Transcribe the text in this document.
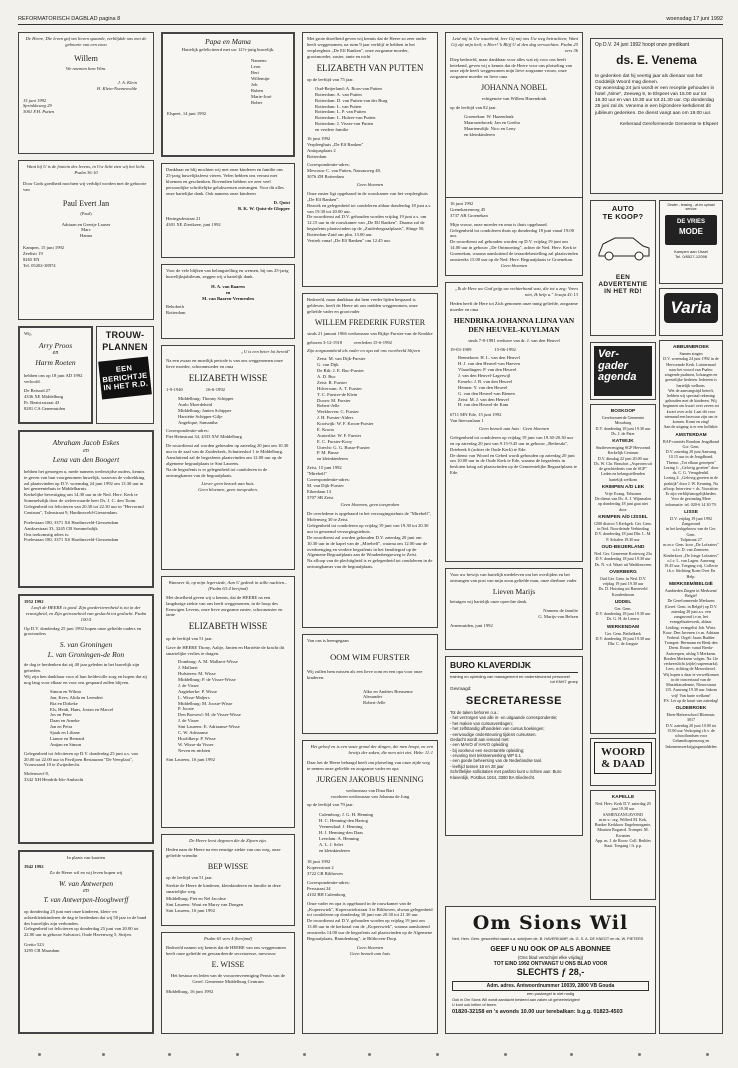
REFORMATORISCH DAGBLAD pagina 8	woensdag 17 juni 1992
De Heere, Die leven gaf om lieven spaarde, verblijdde ons met de geboorte van een zoon
Willem
We noemen hem Wim.
J. A. Klein
H. Klein-Nonnewolde
15 juni 1992
Sprinklaweg 29
3061 F.H. Putten
Want bij U is de fontein des levens, in Uw licht zien wij het licht. Psalm 36:10
Door Gods goedheid mochten wij verblijd worden met de geboorte van
Paul Evert Jan
(Paul)
Adriaan en Geertje Lauser
Marc
Hanna
Kampen, 15 juni 1992
Zeeltstr 19
8265 EN
Tel. 05202-38974
Wij,
Arry Proos
en
Harm Roeten
hebben ons op 18 juni AD 1992 verloofd.
De Beisard 27
4336 XE Middelburg
Pr. Beatrixstraat 43
8281 CA Genemuiden
TROUW-
PLANNEN
EEN
BERICHTJE
IN HET R.D.
Abraham Jacob Eskes
en
Lena van den Boogert
hebben het genoegen u, mede namens wederzijdse ouders, kennis te geven van hun voorgenomen huwelijk, waarvan de voltrekking zal plaatsvinden op D.V. woensdag 24 juni 1992 om 13.30 uur in het gemeentehuis te Middelharnis.
Kerkelijke bevestiging om 14.30 uur in de Ned. Herv. Kerk te Sommelsdijk door de weleerwaarde heer Ds. J. C. den Toom.
Gelegenheid tot feliciteren van 20.30 tot 22.30 uur in "Hervormd Centrum", Taleastraat 9, Hardinxveld-Giessendam.
Poelestaan 180, 3371 XS Hardinxveld-Giessendam
Aanksestraat 33, 3245 CB Sommelsdijk
Ons toekomstig adres is:
Poelestaan 180, 3371 XS Hardinxveld-Giessendam
1952 1992
Looft de HEERE is goed. Zijn goedertierenheid is tot in der eeuwigheid, en Zijn getrouwheid van geslacht tot geslacht. Psalm 100:5
Op D.V. donderdag 25 juni 1992 hopen onze geliefde ouders en grootouders
S. van Groningen
L. van Groningen-de Ron
de dag te herdenken dat zij 40 jaar geleden in het huwelijk zijn getreden.
Wij zijn hen dankbaar voor al hun liefdevolle zorg en hopen dat zij nog lang voor elkaar en voor ons gespaard zullen blijven.
Simon en Wilma
Jan, Kees, Alida en Leendert
Ria en Dirkeke
Els, Heidi, Hans, Jorian en Marcel
Jos en Peter
Daan en Arneke
Jan en Petra
Sjaak en Liliane
Lianne en Bernard
Antjan en Simon
Gelegenheid tot feliciteren op D.V. donderdag 25 juni a.s. van 20.00 tot 22.00 uur in Paviljoen Restaurant "De Veerplaat", Vrouwzand 10 te Zwijndrecht.
Molenwerf 8,
3342 XH Hendrik-Ido-Ambacht
In plaats van kaarten
1942 1992
Zo de Heere wil en wij leven hopen wij
W. van Antwerpen
en
T. van Antwerpen-Hooghwerff
op donderdag 25 juni met onze kinderen, klein- en achterkleinkinderen de dag te herdenken dat wij 50 jaar in de band des huwelijks zijn verbonden.
Gelegenheid tot feliciteren op donderdag 25 juni van 20.00 tot 22.00 uur in gebouw Salvatori, Oude Havenweg 5, Strijen.
Gretto 523
3295 CB Maasdam
Papa en Mama
Hartelijk gefeliciteerd met uw 12½-jarig huwelijk.
Namens:
Leon
Bert
Willemijn
Job
Ruben
Marie-José
Bober
Elspeet, 14 juni 1992
Dankbaar en blij mochten wij met onze kinderen en familie ons 25-jarig huwelijksfeest vieren. Velen hebben ons verrast met bloemen en geschenken. Bovendien hebben we zeer veel persoonlijke schriftelijke gelukwensen ontvangen. Voor dit alles onze hartelijke dank. Ook namens onze kinderen
D. Quist
B. K. W. Quist-de Glopper
Heringsdestraat 21
4301 XE Zierikzee, juni 1992
Voor de vele blijken van belangstelling en wensen, bij ons 25-jarig huwelijksjubileum, zeggen wij u hartelijk dank.
H. A. van Baaren
en
M. van Baaren-Vermeulen
Rehoboth
Rotterdam
„U is een beter lot bereid"
Na een zwaar en moeilijk periode is van ons weggenomen onze lieve moeder, schoonmoeder en oma
ELIZABETH WISSE
1-9-1940                    16-6-1992
Middelburg: Thonny Schipper
Aurlo Moerdeheid
Middelburg: Janien Schipper
Harriëtte Schipper-Gilje
Angelique, Samantha
Correspondentie-adres:
Piet Heinstraat 34, 4333 XW Middelburg
De rouwdienst zal worden gehouden op zaterdag 20 juni om 10.30 uur in de zaal van de Zuiderkerk, Schuttershof 1 te Middelburg. Aansluitend zal de begrafenis plaatsvinden om 12.00 uur op de algemene begraafplaats te Sint Laurens.
Na de begrafenis is er gelegenheid tot condoleren in de ontvangkamer van de begraafplaats.
Liever geen bezoek aan huis.
Geen bloemen, geen toespraken.
Wanneer ik, op mijn legerstede, Aan U gedenk in stille nachten...
(Psalm 63:4 berijmd)
Met droefheid geven wij u kennis, dat de HEERE na een langdurige ziekte van ons heeft weggenomen, in de hoop des Eeuwigen Levens, onze lieve zorgzame zuster, schoonzuster en tante
ELIZABETH WISSE
op de leeftijd van 51 jaar.
Gave de HEERE Thony, Aaltje, Janien en Harriëtte de kracht dit smartelijke verlies te dragen.
Domburg: A. M. Mallaert-Wisse
J. Mallaert
Hulsteren: M. Wisse
Middelburg: P. de Visser-Wisse
J. de Visser
Aagtekerke: P. Wisse
L. Wisse-Maljers
Middelburg: M. Jooste-Wisse
P. Jooste
Den Boesewl: M. de Visser-Wisse
J. de Visser
Sint Laurens: E. Adriaanse-Wisse
C. W. Adriaanse
Hoofdkerp: P. Wisse
W. Wisse-da Visser
Neven en nichten
Sint Laurens, 16 juni 1992
De Heere leest degenen die de Zijnen zijn.
Heden nam de Heere na een ernstige ziekte van ons weg, onze geliefde vriendin
BEP WISSE
op de leeftijd van 51 jaar.
Sterkte de Heere de kinderen, kleinkinderen en familie in deze smartelijke weg.
Middelburg: Piet en Nel Jacobse
Sint Laurens: Wout en Marry van Dongen
Sint Laurens, 16 juni 1992
Psalm 63 vers 4 (berijmd)
Bedroefd namen wij kennis dat de HEERE van ons weggenomen heeft onze geliefde en gewaardeerde secretaresse, mevrouw
E. WISSE
Het bestuur en leden van de vrouwenvereniging Pensis van de Geref. Gemeente Middelburg Centrum
Middelburg, 16 juni 1992
Met grote droefheid geven wij kennis dat de Heere zo zeer onder heeft weggenomen, na ruim 9 jaar verblijf te hebben in het verpleeghuis „De Elf Ranken", onze zorgzame moeder, grootmoeder, zuster, tante en nicht
ELIZABETH VAN PUTTEN
op de leeftijd van 75 jaar.
Oud-Beijerland: A. Roos-van Putten
Rotterdam: A. van Putten
Rotterdam: D. van Putten-van der Burg
Rotterdam: L. van Putten
Rotterdam: L. P. van Putten
Rotterdam: L. Hulzer-van Putten
Rotterdam: J. Visser-van Putten
en verdere familie
16 juni 1992
Verpleeghuis „De Elf Ranken"
Antiqusplaats 2
Rotterdam
Correspondentie-adres:
Mevrouw C. van Putten, Nassauweg 48,
3076 ZH Rotterdam
Geen bloemen
Onze zuster ligt opgebaard in de rouwkamer van het verpleeghuis „De Elf Ranken".
Bezoek en gelegenheid tot condoleren aldaar donderdag 18 juni a.s. van 19.30 tot 20.00 uur.
De rouwdienst zal D.V. gehouden worden vrijdag 19 juni a.s. om 12.15 uur in de rouwkamer van „De Elf Ranken". Daarna zal de begrafenis plaatsvinden op de „Zuiderbegraafplaats", Slinge 50, Rotterdam-Zuid om plm. 13.00 uur.
Vertrek vanaf „De Elf Ranken" om 12.45 uur.
Bedroefd, maar dankbaar dat hem verder lijden bespaard is gebleven, heeft de Heere uit ons midden weggenomen, onze geliefde vader en grootvader
WILLEM FREDERIK FURSTER
sinds 21 januari 1966 weduwnaar van Rijkje Furster-van de Knokke
geboren 3-12-1918          overleden 15-6-1992
Zijn zorgzaamheid als vader en opa zal ons voorbeeld blijven
Zeist: M. van Dijk-Furster
G. van Dijk
De Bilt: J. E. Buc-Furster
A. D. Buc
Zeist: R. Furster
Hilversum: A. T. Furster
T. C. Furster-de Klein
Doorn: M. Furster
Robert-Jelle
Werkhoven: C. Furster
J. H. Furster-Alders
Kootwijk: W. F. Kroon-Furster
E. Kroon
Austerlitz: W. F. Furster
E. C. Furster-Kooy
Utrecht: G. G. Busse-Furster
P. M. Busse
en kleinkinderen
Zeist, 15 juni 1992
"Mirebelf"
Correspondentie-adres:
M. van Dijk-Furster
Eikenlaan 13
3707 SB Zeist
Geen bloemen, geen toespraken
De overledene is opgebaard in het verzorgingstehuis de "Mirebelf", Molenweg 30 te Zeist.
Gelegenheid tot condoleren op vrijdag 19 juni van 19.30 tot 20.30 uur in genoemd verzorgingstehuis.
De rouwdienst zal worden gehouden D.V. zaterdag 20 juni om 10.30 uur in de kapel van de „Mirebelf", waarna om 12.00 uur de overbrenging en verdere begrafenis in het familiegraf op de Algemene Begraafplaats aan de Woudenbergseweg te Zeist.
Na afloop van de plechtigheid is er gelegenheid tot condoleren in de ontvangkamer van de begraafplaats.
Van ons is heengegaan
OOM WIM FURSTER
Wij zullen hem missen als een lieve oom en een opa voor onze kinderen.
Alko en Andries Breuseme
Alexander
Robert-Jelle
Het geloof en is een vaste grond der dingen, die men hoopt, en een bewijs der zaken, die men niet ziet. Hebr. 11:1
Daar het de Heere behaagd heeft om plotseling van onze zijde weg te nemen onze geliefde en zorgzame vader en opa
JURGEN JAKOBUS HENNING
weduwnaar van Dina Bart
voorheen weduwnaar van Johanna de Jong
op de leeftijd van 79 jaar.
Culemborg: J. G. H. Henning
H. C. Henning-den Hartog
Veenendaal: J. Henning
H. J. Henning-den Daas
Leerdam: A. Henning
A. L. J. Selet
en kleinkinderen
18 juni 1992
Kopersstraat 2
3722 CB Bilthoven
Correspondentie-adres:
Persstraat 24
4102 BH Culemborg
Onze vader en opa is opgebaard in de rouwkamer van de „Koperswiek", Koperswiekstraat 3 te Bilthoven, alwaar gelegenheid tot condoleren op donderdag 18 juni van 20.30 tot 21.30 uur.
De rouwdienst zal D.V. gehouden worden op vrijdag 19 juni om 13.00 uur in de kerkzaal van de „Koperswiek", waarna aansluitend omstreeks 14.00 uur de begrafenis zal plaatsvinden op de Algemene Begraafplaats, Brandenburg", te Bilthoven-Dorp.
Geen bloemen
Geen bezoek aan huis
Leid mij in Uw waarheid, leer Gij mij ons Uw weg betrachten; Want Gij zijt mijn heil; o Heer! 'k Blijf U al den dag verwachten. Psalm 25 vers 3b
Diep bedroefd, maar dankbaar voor alles wat zij voor ons heeft betekend, geven wij u kennis dat de Heere voor ons plotseling van onze zijde heeft weggenomen mijn lieve zorgzame vrouw, onze zorgzame moeder en lieve oma
JOHANNA NOBEL
echtgenote van Willem Hazendonk
op de leeftijd van 82 jaar.
Groenekan: W. Hazendonk
Maarssenbroek: Jan en Gretha
Maartensdijk: Nico en Leny
en kleinkinderen
16 juni 1992
Grenekazenweg 45
3737 AB Groenekan
Mijn vrouw, onze moeder en oma is thuis opgebaard.
Gelegenheid tot condoleren thuis op donderdag 18 juni vanaf 19.00 uur.
De rouwdienst zal gehouden worden op D.V. vrijdag 19 juni om 14.00 uur in gebouw „De Ontmoeting", achter de Ned. Herv. Kerk te Groenekan, waarna aansluitend de teraardebestelling zal plaatsvinden omstreeks 15.00 uur op de Ned. Herv. Begraafplaats te Groenekan.
Geen bloemen
„Ik de Here uw God grijp uw rechterhand vast, die tot u zeg: Vrees niet, Ik help u." Jesaja 41:13
Heden heeft de Here tot Zich genomen onze innig geliefde, zorgzame moeder en oma
HENDRIKA JOHANNA LIJNA VAN DEN HEUVEL-KUYLMAN
sinds 7-8-1981 weduwe van dr. J. van den Heuvel
19-03-1909                    15-06-1992
Bennekom: H. L. van den Heuvel
H. J. van den Heuvel-van Haeven
Vlaardingen: P. van den Heuvel
J. van den Heuvel-Lagerwijl
Ermelo: J. B. van den Heuvel
Heinen: Y. van den Heuvel
G. van den Heuvel-van Bienen
Zeist: M. J. van den Heuvel
H. van den Heuvel-de Kam
6711 MN Ede, 15 juni 1992
Van Ittersonlaan 1
Geen bezoek aan huis · Geen bloemen
Gelegenheid tot condoleren op vrijdag 19 juni van 19.30-20.30 uur en op zaterdag 20 juni van 9.15-9.45 uur in gebouw „Bethesda", Driebeek 6 (achter de Oude Kerk) te Ede.
De dienst van Woord en Gebed wordt gehouden op zaterdag 20 juni om 10.00 uur in de Oude Kerk te Ede, waarna de begrafenis in besloten kring zal plaatsvinden op de Gemeentelijke Begraafplaats te Ede.
Voor uw bewijs van hartelijk medeleven om het overlijden en het ontvangen van post van mijn zoon geliefde man, onze dierbare vader
Lieven Marijs
betuigen wij hartelijk onze oprechte dank.
Namens de familie
G. Marijs-van Belzen
Arnemuiden, juni 1992
BURO KLAVERDIJK
training en opleiding van management en ondersteunend personeel
bd KNH7 groep
Gevraagd:
SECRETARESSE
Tot de taken behoren o.a.:
- het verzorgen van alle in- en uitgaande correspondentie;
- het maken van cursusverslagen;
- het zelfstandig afhandelen van cursus boekingen;
- eenvoudige ondersteuning tijdens cursussen.
Gedacht wordt aan iemand met:
- een MAVO of HAVO opleiding
- bij voorkeur een secretariële opleiding;
- ervaring met tekstverwerking WP 5.1
- een goede beheersing van de Nederlandse taal.
- leeftijd tussen 18 en 28 jaar
Schriftelijke sollicitaties met pasfoto kunt u richten aan: Buro Klaverdijk, Postbus 1044, 3360 BA Sliedrecht.
Op D.V. 24 juni 1992 hoopt onze predikant
ds. E. Venema
te gedenken dat hij veertig jaar als dienaar van het Goddelijk Woord mag dienen.
Op woensdag 24 juni wordt er een receptie gehouden in hotel „Nime", Zeeweg 9, te Elspeet van 15.00 uur tot 16.30 uur en van 19.30 uur tot 21.30 uur. Op donderdag 25 juni zal ds. Venema in een bijzondere kerkdienst dit jubileum gedenken. De dienst vangt aan om 19.00 uur.
Kerkeraad Gereformeerde Gemeente te Elspeet
AUTO
TE KOOP?
EEN
ADVERTENTIE
IN HET RD!
Dealer - leasing - af-en ophaal service
DE VRIES
MODE
Kampen aan IJssel
Tel. 0/8527-12098
Varia
Ver-
gader
agenda
BOSKOOP
Gereformeerde Gemeente Mosaburg
D.V. donderdag 18 juni 19.30 uur
Ds. J. de Pater
KATWIJK
Studievereniging SGP Hervormd Kerkelijk Centrum
D.V. dinsdag 22 juni 20.00 uur
Ds. W. Chr. Beaufort „Aspecten uit de geschiedenis van de SGP"
Leden en belangstellenden hartelijk welkom
KRIMPEN A/D LEK
Vrije Evang. Tehuizen
De dienst van Ds. A. J. Wijnmalen op donderdag 18 juni gaat niet door
KRIMPEN A/D IJSSEL
GBS district 5 Kerkgeb. Ger. Gem. in Ned. Noordeinde Verbinding
D.V. donderdag 18 juni Dhr. L. M. P. Schalen 19.30 uur
OUD-BEIJERLAND
Ned. Ger. Gemeente Korteweg 23a
D.V. donderdag 18 juni 19.30 uur
Ds. N. v.d. Waart uit Waddinxveen
OVERBERG
Oud Ger. Gem. in Ned. D.V. vrijdag 19 juni 19.30 uur
Ds. D. Hoisting uit Barneveld Koudenhoorn
UDDEL
Ger. Gem.
D.V. donderdag 18 juni 19.30 uur
Ds. G. H. de Leeuw
WERKENDAM
Ger. Gem. Bethelkerk
D.V. donderdag 18 juni 19.30 uur
Dhr. C. de Jongste
WOORD
& DAAD
KAPELLE
Ned. Herv. Kerk D.V. zaterdag 20 juni 19.30 uur
SAMENZANGAVOND
m.m.v.: org. Wilfred M. Kok, Bunker Kerkkoor Engelenorganie, Maarten Bogaerd. Trompet: M. Kwantes
App. m. J. de Roow. Coll. Bethles Staat. Toegang / ft. p.p.
ABBUINBROEK
Samen zingen
D.V. woensdag 24 juni 1992 in de Hervormde Kerk. Luistermaal naar het woord van Psalm: zingende psalmen, lofzangen en geestelijke liederen. Iedereen is hartelijk welkom.
Wet de aanvangstijd betreft, hebben wij speciaal rekening gehouden met de kinderen. Wij beginnen om kwart over zeven tot kwart over acht. Laat dit voor niemand een bezwaar zijn om te komen. Komt en zing!
Aan de uitgang is er een kollekte.
AMSTERDAM
RAF-comités Rondom Jeugdbond Gcr. Gem.
D.V. zaterdag 20 juni Aanvang 10.15 uur in de Jeugdbond. Thema: „Tot elkaar geroepen" Lezing 1: „Gelovig groeien" door ds. C. G. Vreugdenhil.
Lezing 2: „Gelovig groeien in de praktijk" door J. W. Keuning. Na afloop: Interview + ds. Voorzitter. Er zijn verblijfsmogelijkheden.
Voor de gezinsdag Meer informatie: tel. 020-6 14 30 79.
LISSE
D.V. vrijdag 19 juni 1992 Zangavond
in het kerkgebouw van de Ger. Gem.
Tulpstraat 27
m.m.v. Gem. koor „De Lofzaters" o.l.v. D. van Zomeren. Kinderkoor „De Jonge Lofzaters" o.l.v. L. van Lagen. Aanvang 19.45 uur. Toegang vrij. Collecte t.b.v. Stichting Koen Over En Help.
MERKSEM/BELGIË
Aanbieden Zingen in Merksem/ België!
De Gereformeerde Merksem (Geref. Gem. in België) op D.V. zaterdag 20 juni a.s. een zangavond i.v.m. het evangelisatiewerk, aldaar. Leiding: evangelist Joh. Wirtz.
Koor: Den Juvenen i.v.m. Adriaan Verheul. Orgel: Jaaus Budder. Trompet: Hermann en Henk den Drent. Route: vanaf Breda-Antwerpen, afslag 5 Merksem. Borden Merksem volgen. Na 12e verkeerslicht (zijde) supermarkt). Lees, richting de Meuwsbroel. Wij hopen u daar te verwelkomen in de concertzaal van de Muziekacademie, Nieuwstraat 115. Aanvang 19.30 uur. Inkom vrij! Van harte welkom!
P.S. Let op de kaart van zaterdag!
OLDEBROEK
Eben-Haëzerschool Bloemstr. 3017
D.V. zaterdag 20 juni 10.00 tot 15.00 uur Verkoping t.b.v. de schoolfondsen voor Gehandicaptenzorg en Inkomensverkrijgingsmiddelen
Om Sions Wil
Ned. Herv. Gem. gescreiëid naast o.a. schrijven de. B. HAVERKAMP, ds. G. S. A. DE KNEGT en ds. W. PIETERS
GEEF U NU OOK OP ALS ABONNEE
(Ons blad verschijnt elke vrijdag)
TOT EIND 1992 ONTVANGT U ONS BLAD VOOR
SLECHTS ƒ 28,-
Adm. adres. Antwoordnummer 10039, 2800 VB Gouda
een postzegel is niet nodig
Ook in Om Sions Wil wordt aandacht besteed aan zaken uit geheelreizigten!
U kunt ook bellen of faxen.
01820-32158 en 's avonds 10.00 uur terebalkan: b.g.g. 01823-4503
